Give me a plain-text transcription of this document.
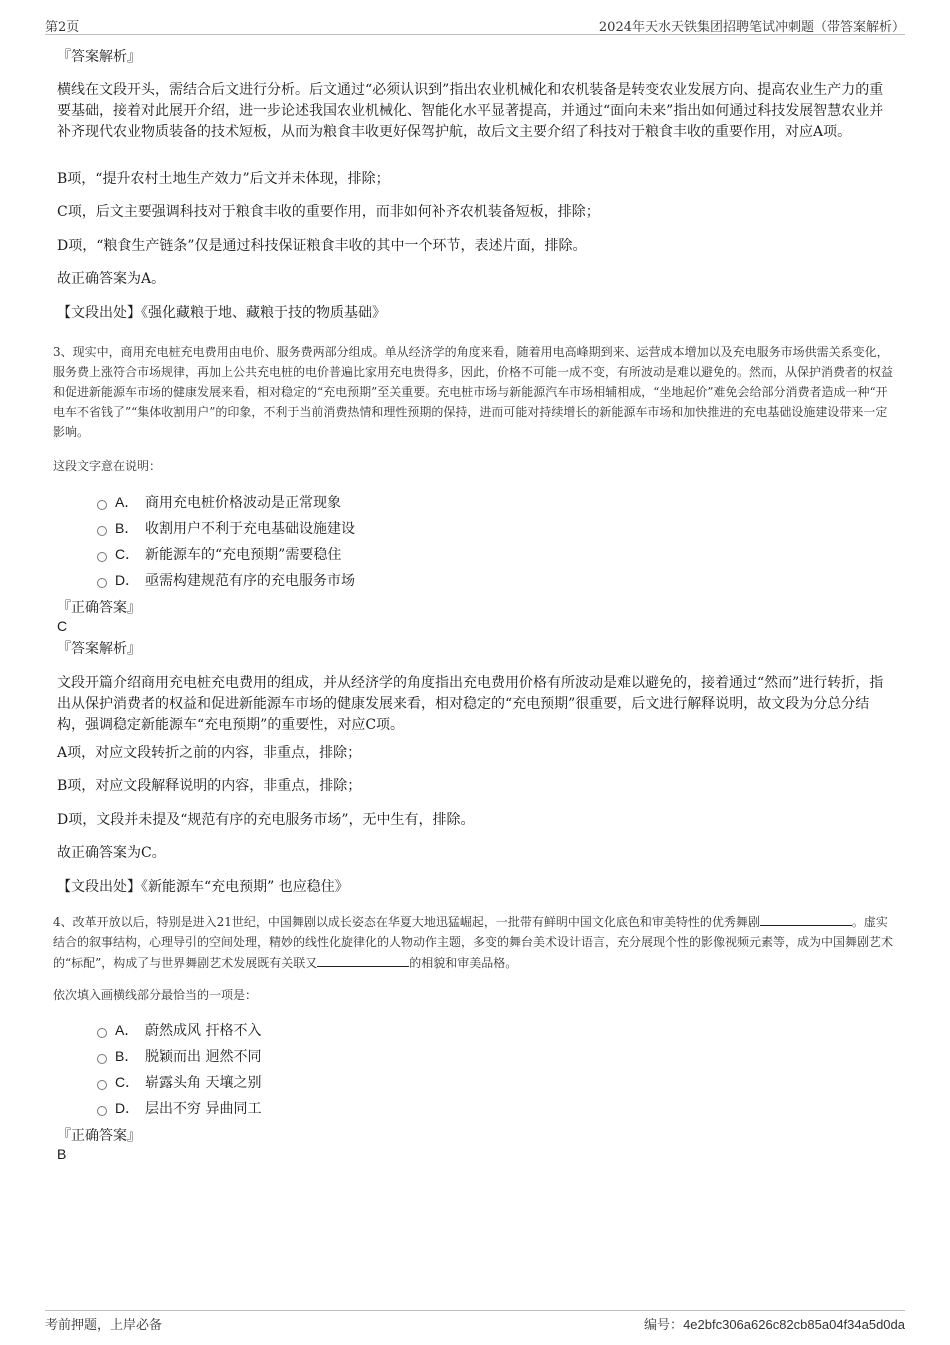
第2页	2024年天水天铁集团招聘笔试冲刺题（带答案解析）
『答案解析』
横线在文段开头，需结合后文进行分析。后文通过“必须认识到”指出农业机械化和农机装备是转变农业发展方向、提高农业生产力的重要基础，接着对此展开介绍，进一步论述我国农业机械化、智能化水平显著提高，并通过“面向未来”指出如何通过科技发展智慧农业并补齐现代农业物质装备的技术短板，从而为粮食丰收更好保驾护航，故后文主要介绍了科技对于粮食丰收的重要作用，对应A项。
B项，“提升农村土地生产效力”后文并未体现，排除；
C项，后文主要强调科技对于粮食丰收的重要作用，而非如何补齐农机装备短板，排除；
D项，“粮食生产链条”仅是通过科技保证粮食丰收的其中一个环节，表述片面，排除。
故正确答案为A。
【文段出处】《强化藏粮于地、藏粮于技的物质基础》
3、现实中，商用充电桩充电费用由电价、服务费两部分组成。单从经济学的角度来看，随着用电高峰期到来、运营成本增加以及充电服务市场供需关系变化，服务费上涨符合市场规律，再加上公共充电桩的电价普遍比家用充电贵得多，因此，价格不可能一成不变，有所波动是难以避免的。然而，从保护消费者的权益和促进新能源车市场的健康发展来看，相对稳定的“充电预期”至关重要。充电桩市场与新能源汽车市场相辅相成，“坐地起价”难免会给部分消费者造成一种“开电车不省钱了”“集体收割用户”的印象，不利于当前消费热情和理性预期的保持，进而可能对持续增长的新能源车市场和加快推进的充电基础设施建设带来一定影响。
这段文字意在说明：
A． 商用充电桩价格波动是正常现象
B． 收割用户不利于充电基础设施建设
C． 新能源车的“充电预期”需要稳住
D． 亟需构建规范有序的充电服务市场
『正确答案』
C
『答案解析』
文段开篇介绍商用充电桩充电费用的组成，并从经济学的角度指出充电费用价格有所波动是难以避免的，接着通过“然而”进行转折，指出从保护消费者的权益和促进新能源车市场的健康发展来看，相对稳定的“充电预期”很重要，后文进行解释说明，故文段为分总分结构，强调稳定新能源车“充电预期”的重要性，对应C项。
A项，对应文段转折之前的内容，非重点，排除；
B项，对应文段解释说明的内容，非重点，排除；
D项，文段并未提及“规范有序的充电服务市场”，无中生有，排除。
故正确答案为C。
【文段出处】《新能源车“充电预期” 也应稳住》
4、改革开放以后，特别是进入21世纪，中国舞剧以成长姿态在华夏大地迅猛崛起，一批带有鲜明中国文化底色和审美特性的优秀舞剧	。虚实结合的叙事结构，心理导引的空间处理，精妙的线性化旋律化的人物动作主题，多变的舞台美术设计语言，充分展现个性的影像视频元素等，成为中国舞剧艺术的“标配”，构成了与世界舞剧艺术发展既有关联又	的相貌和审美品格。
依次填入画横线部分最恰当的一项是：
A． 蔚然成风 扞格不入
B． 脱颖而出 迥然不同
C． 崭露头角 天壤之别
D． 层出不穷 异曲同工
『正确答案』
B
考前押题，上岸必备	编号：4e2bfc306a626c82cb85a04f34a5d0da
